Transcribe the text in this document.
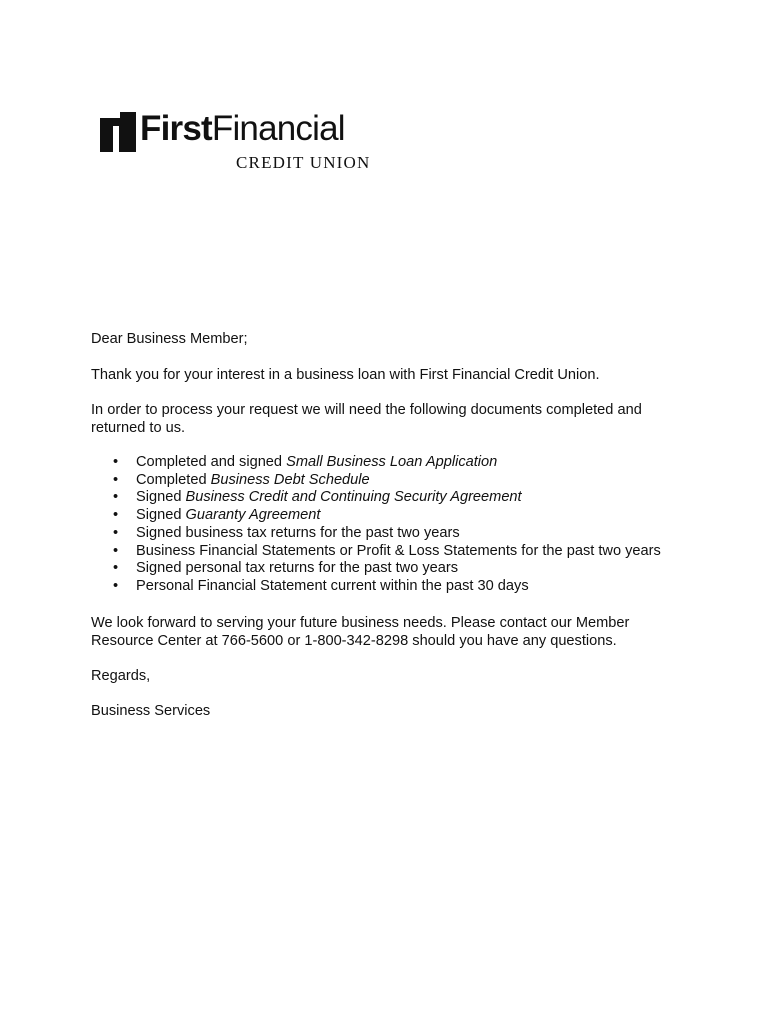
FirstFinancial
CREDIT UNION

Dear Business Member;

Thank you for your interest in a business loan with First Financial Credit Union.

In order to process your request we will need the following documents completed and returned to us.

• Completed and signed Small Business Loan Application
• Completed Business Debt Schedule
• Signed Business Credit and Continuing Security Agreement
• Signed Guaranty Agreement
• Signed business tax returns for the past two years
• Business Financial Statements or Profit & Loss Statements for the past two years
• Signed personal tax returns for the past two years
• Personal Financial Statement current within the past 30 days

We look forward to serving your future business needs. Please contact our Member Resource Center at 766-5600 or 1-800-342-8298 should you have any questions.

Regards,

Business Services
